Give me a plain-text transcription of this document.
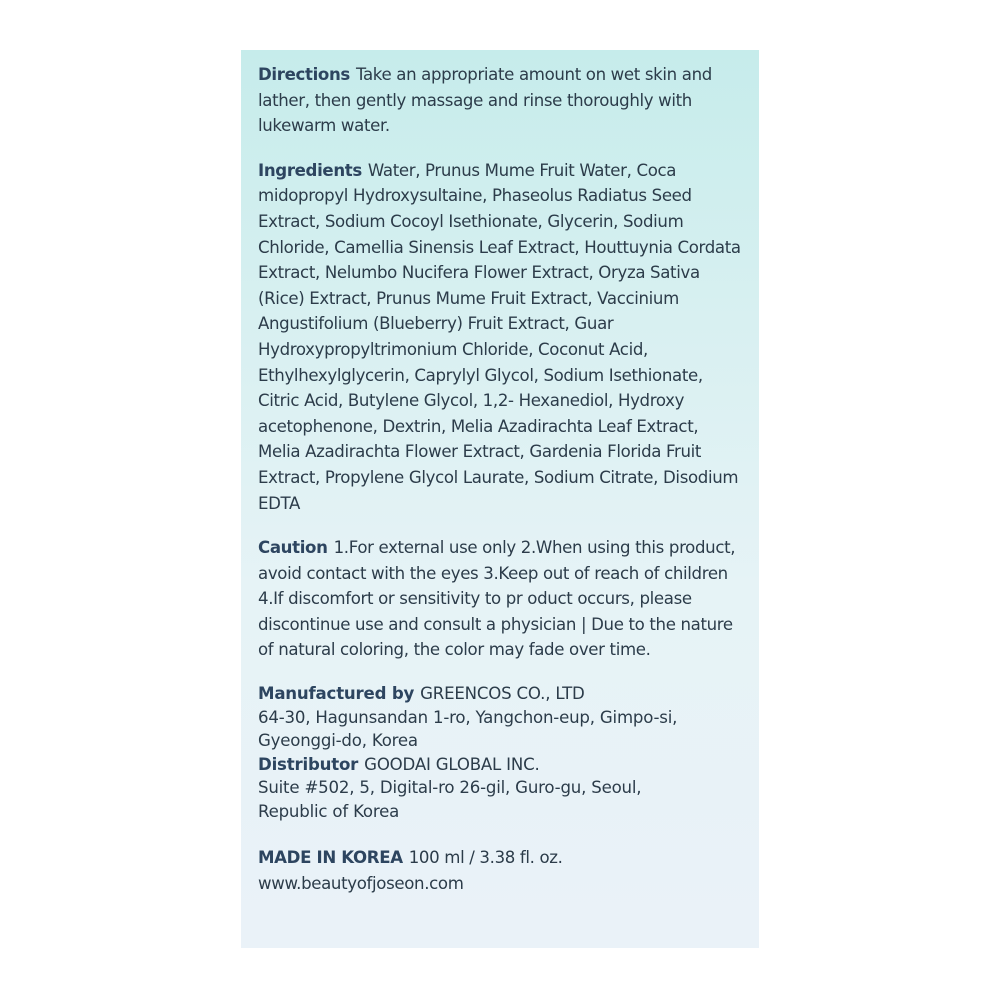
Directions Take an appropriate amount on wet skin and lather, then gently massage and rinse thoroughly with lukewarm water.

Ingredients Water, Prunus Mume Fruit Water, Coca midopropyl Hydroxysultaine, Phaseolus Radiatus Seed Extract, Sodium Cocoyl Isethionate, Glycerin, Sodium Chloride, Camellia Sinensis Leaf Extract, Houttuynia Cordata Extract, Nelumbo Nucifera Flower Extract, Oryza Sativa (Rice) Extract, Prunus Mume Fruit Extract, Vaccinium Angustifolium (Blueberry) Fruit Extract, Guar Hydroxypropyltrimonium Chloride, Coconut Acid, Ethylhexylglycerin, Caprylyl Glycol, Sodium Isethionate, Citric Acid, Butylene Glycol, 1,2- Hexanediol, Hydroxy acetophenone, Dextrin, Melia Azadirachta Leaf Extract, Melia Azadirachta Flower Extract, Gardenia Florida Fruit Extract, Propylene Glycol Laurate, Sodium Citrate, Disodium EDTA

Caution 1.For external use only 2.When using this product, avoid contact with the eyes 3.Keep out of reach of children 4.If discomfort or sensitivity to pr oduct occurs, please discontinue use and consult a physician | Due to the nature of natural coloring, the color may fade over time.

Manufactured by GREENCOS CO., LTD
64-30, Hagunsandan 1-ro, Yangchon-eup, Gimpo-si,
Gyeonggi-do, Korea
Distributor GOODAI GLOBAL INC.
Suite #502, 5, Digital-ro 26-gil, Guro-gu, Seoul,
Republic of Korea
MADE IN KOREA 100 ml / 3.38 fl. oz.
www.beautyofjoseon.com
